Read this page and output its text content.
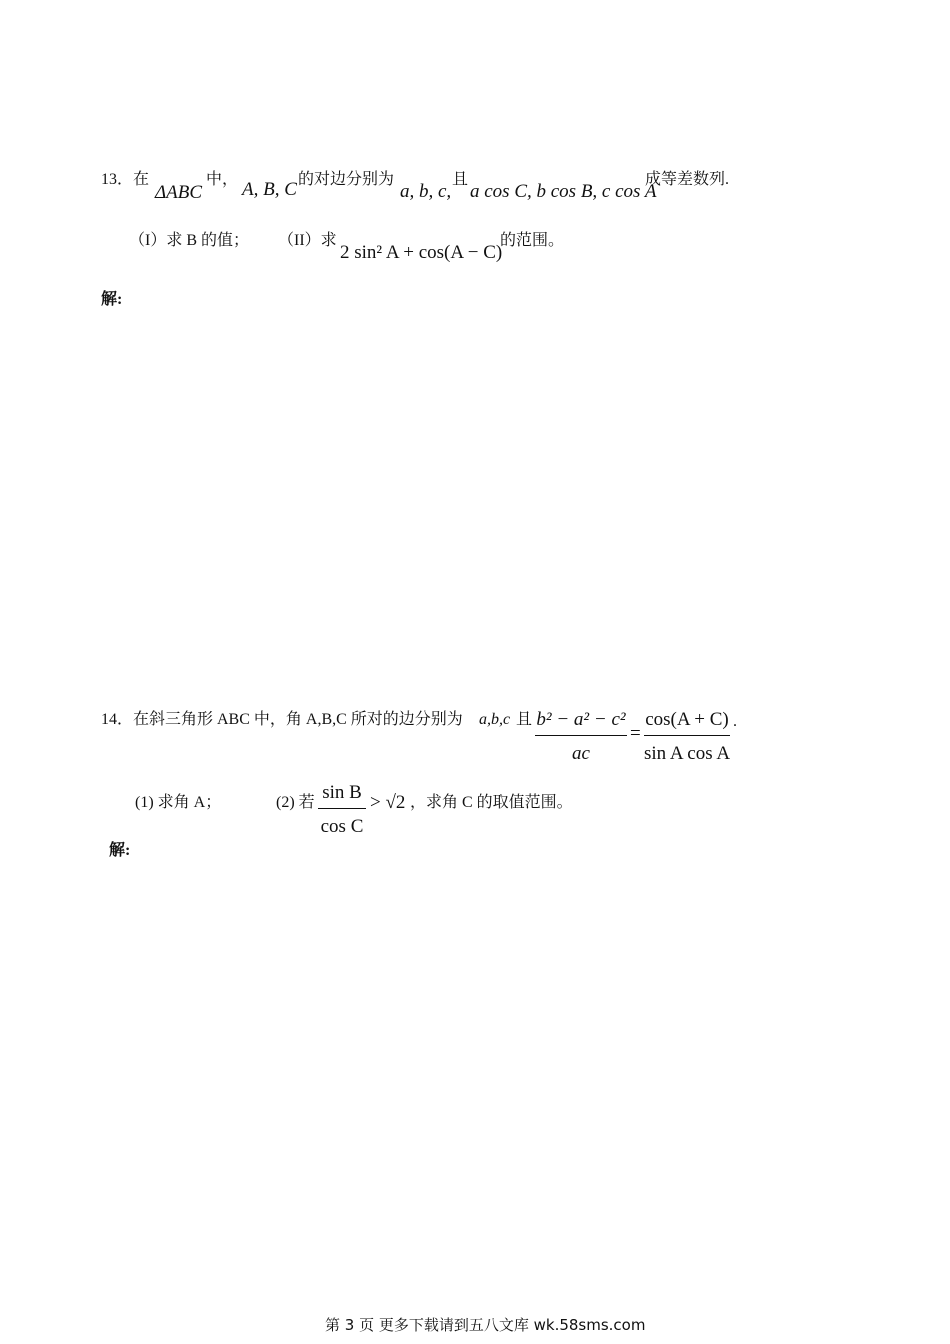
13．在
ΔABC
中， A, B, C 的对边分别为
a, b, c,
且
a cos C, b cos B, c cos A
成等差数列.
（I）求 B 的值； （II）求
2 sin² A + cos(A − C)
的范围。
解:
14．在斜三角形 ABC 中，角 A,B,C 所对的边分别为 a,b,c 且 b² − a² − c²
ac
=
cos(A + C)
sin A cos A
.
(1) 求角 A；	(2) 若 sin B
cos C
> √2 ，求角 C 的取值范围。
解:
第 3 页 更多下载请到五八文库 wk.58sms.com
